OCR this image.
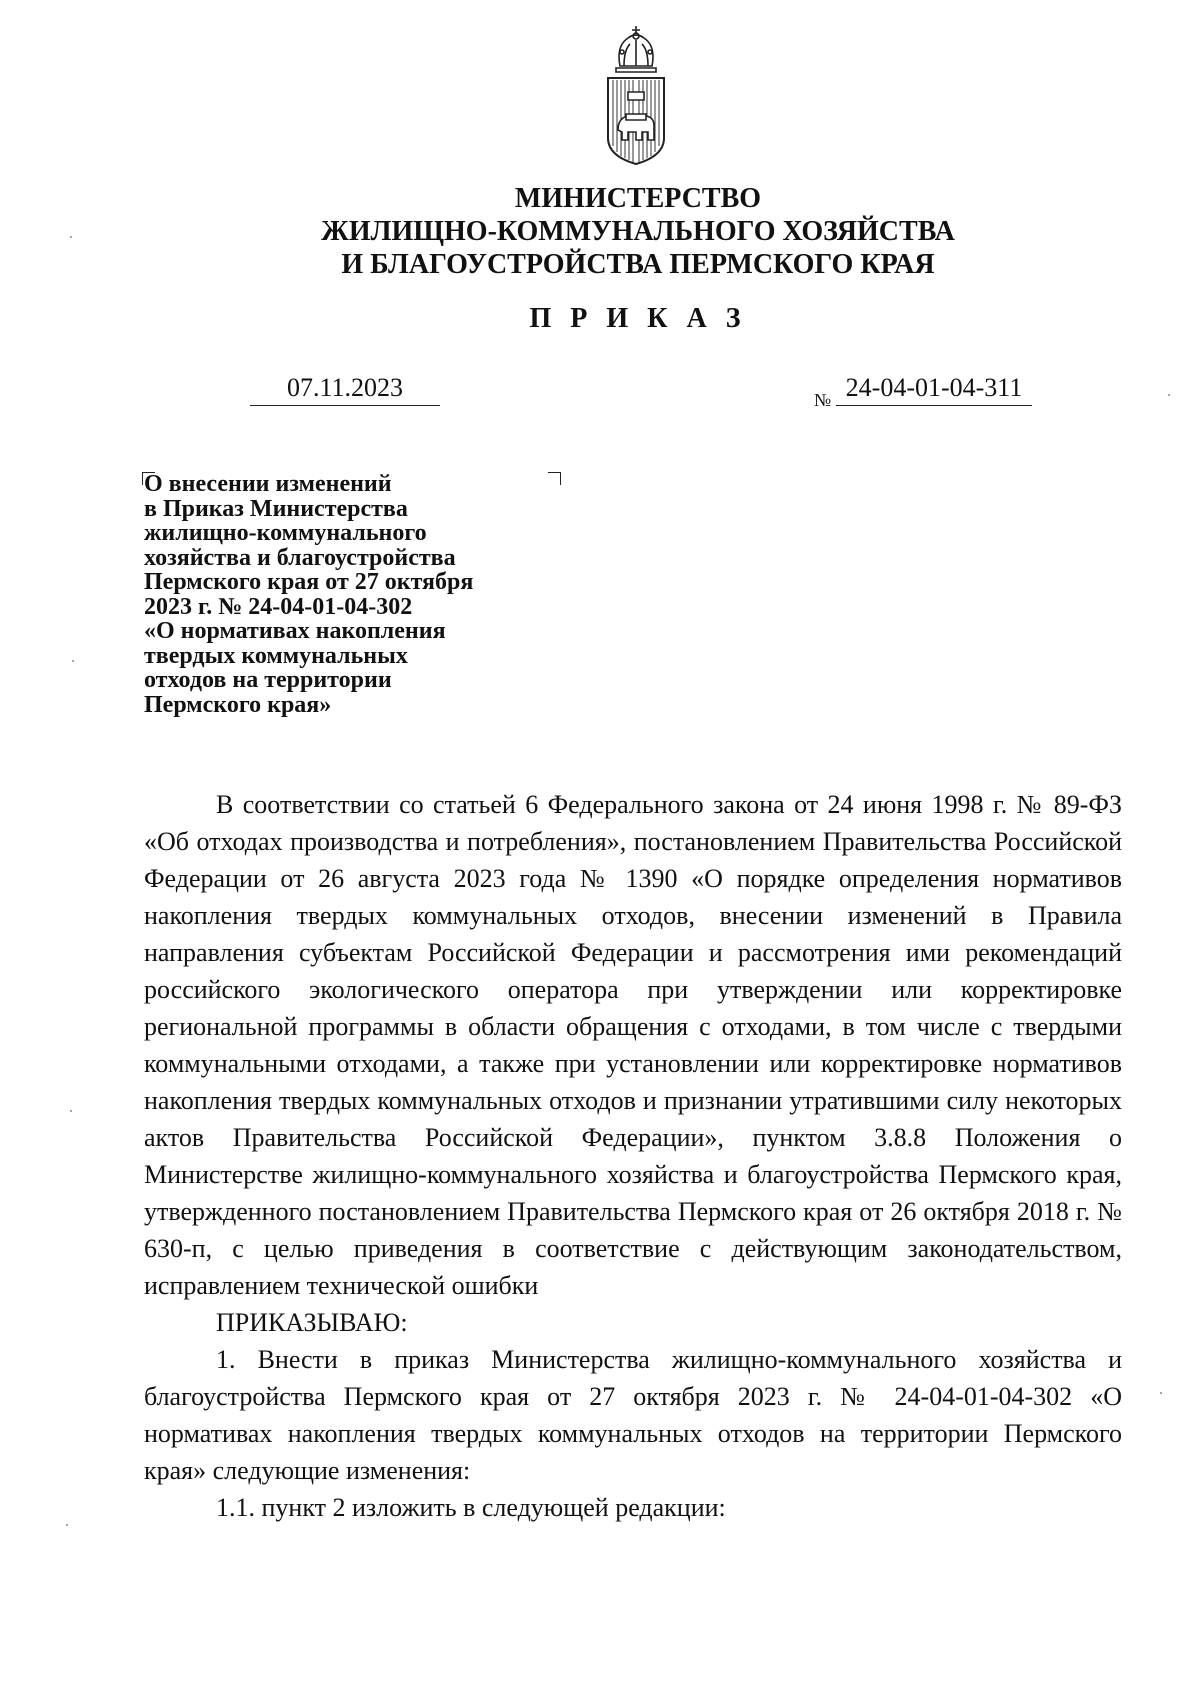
МИНИСТЕРСТВО
ЖИЛИЩНО-КОММУНАЛЬНОГО ХОЗЯЙСТВА
И БЛАГОУСТРОЙСТВА ПЕРМСКОГО КРАЯ
П Р И К А З
07.11.2023	№ 24-04-01-04-311
О внесении изменений
в Приказ Министерства
жилищно-коммунального
хозяйства и благоустройства
Пермского края от 27 октября
2023 г. № 24-04-01-04-302
«О нормативах накопления
твердых коммунальных
отходов на территории
Пермского края»

В соответствии со статьей 6 Федерального закона от 24 июня 1998 г. № 89-ФЗ «Об отходах производства и потребления», постановлением Правительства Российской Федерации от 26 августа 2023 года № 1390 «О порядке определения нормативов накопления твердых коммунальных отходов, внесении изменений в Правила направления субъектам Российской Федерации и рассмотрения ими рекомендаций российского экологического оператора при утверждении или корректировке региональной программы в области обращения с отходами, в том числе с твердыми коммунальными отходами, а также при установлении или корректировке нормативов накопления твердых коммунальных отходов и признании утратившими силу некоторых актов Правительства Российской Федерации», пунктом 3.8.8 Положения о Министерстве жилищно-коммунального хозяйства и благоустройства Пермского края, утвержденного постановлением Правительства Пермского края от 26 октября 2018 г. № 630-п, с целью приведения в соответствие с действующим законодательством, исправлением технической ошибки

ПРИКАЗЫВАЮ:

1. Внести в приказ Министерства жилищно-коммунального хозяйства и благоустройства Пермского края от 27 октября 2023 г. № 24-04-01-04-302 «О нормативах накопления твердых коммунальных отходов на территории Пермского края» следующие изменения:

1.1. пункт 2 изложить в следующей редакции:
